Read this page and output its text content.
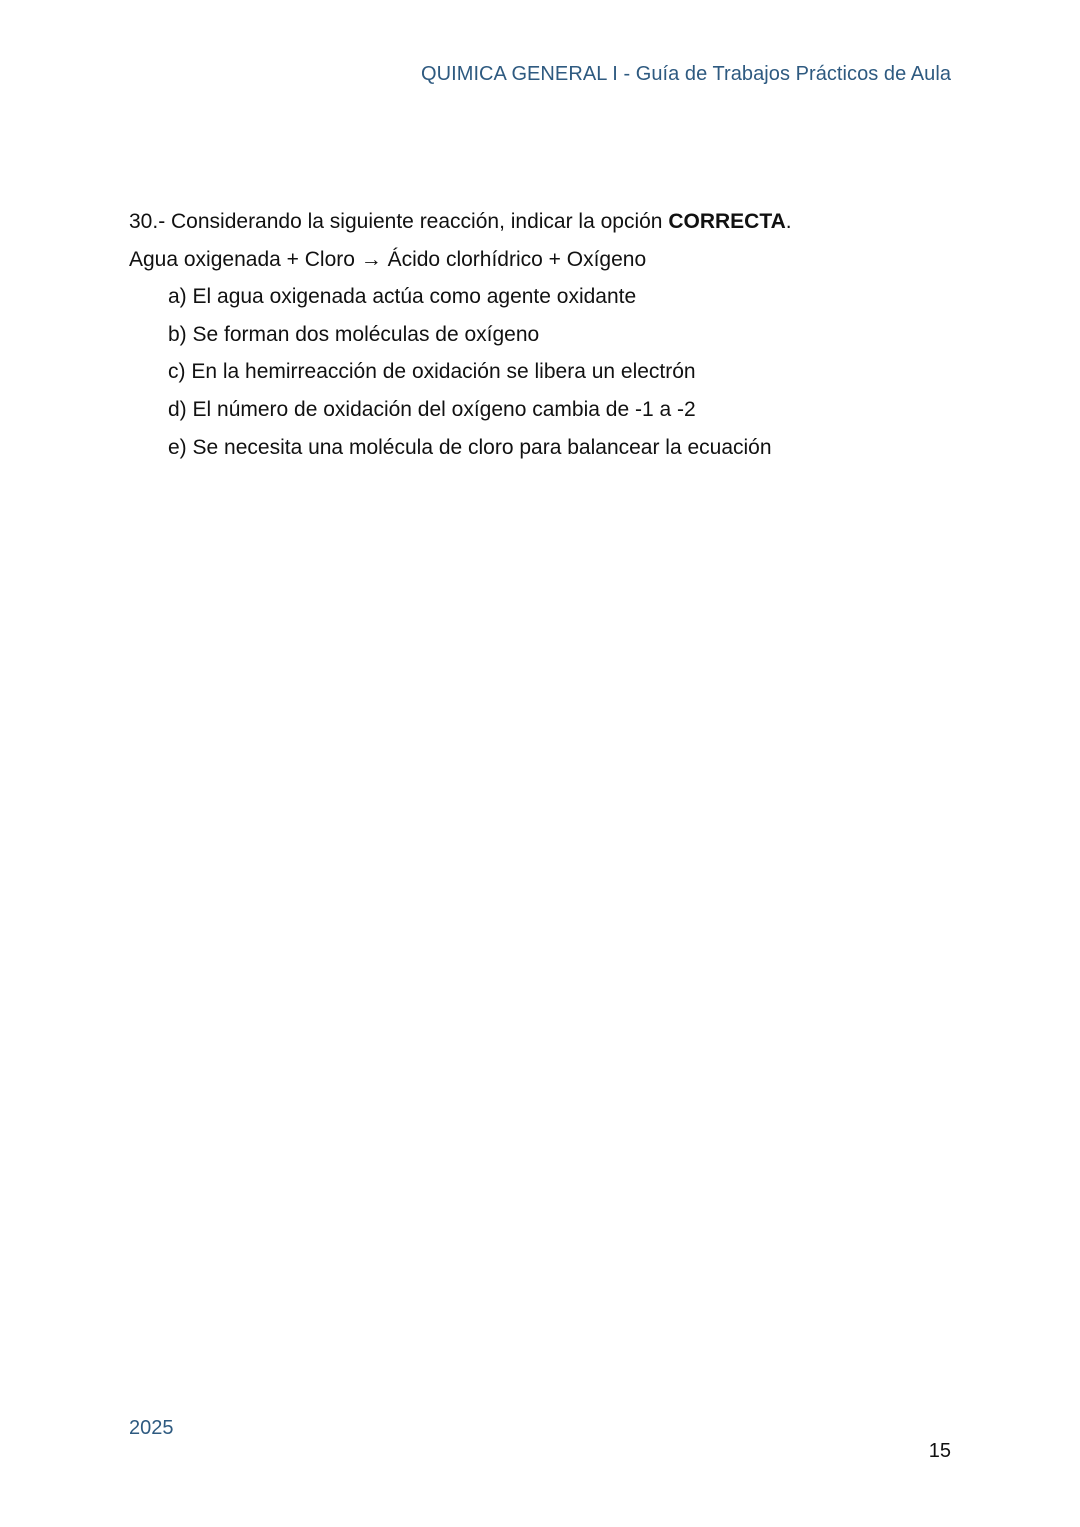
QUIMICA GENERAL I - Guía de Trabajos Prácticos de Aula
30.- Considerando la siguiente reacción, indicar la opción CORRECTA.
Agua oxigenada + Cloro → Ácido clorhídrico + Oxígeno
a) El agua oxigenada actúa como agente oxidante
b) Se forman dos moléculas de oxígeno
c) En la hemirreacción de oxidación se libera un electrón
d) El número de oxidación del oxígeno cambia de -1 a -2
e) Se necesita una molécula de cloro para balancear la ecuación
2025
15
